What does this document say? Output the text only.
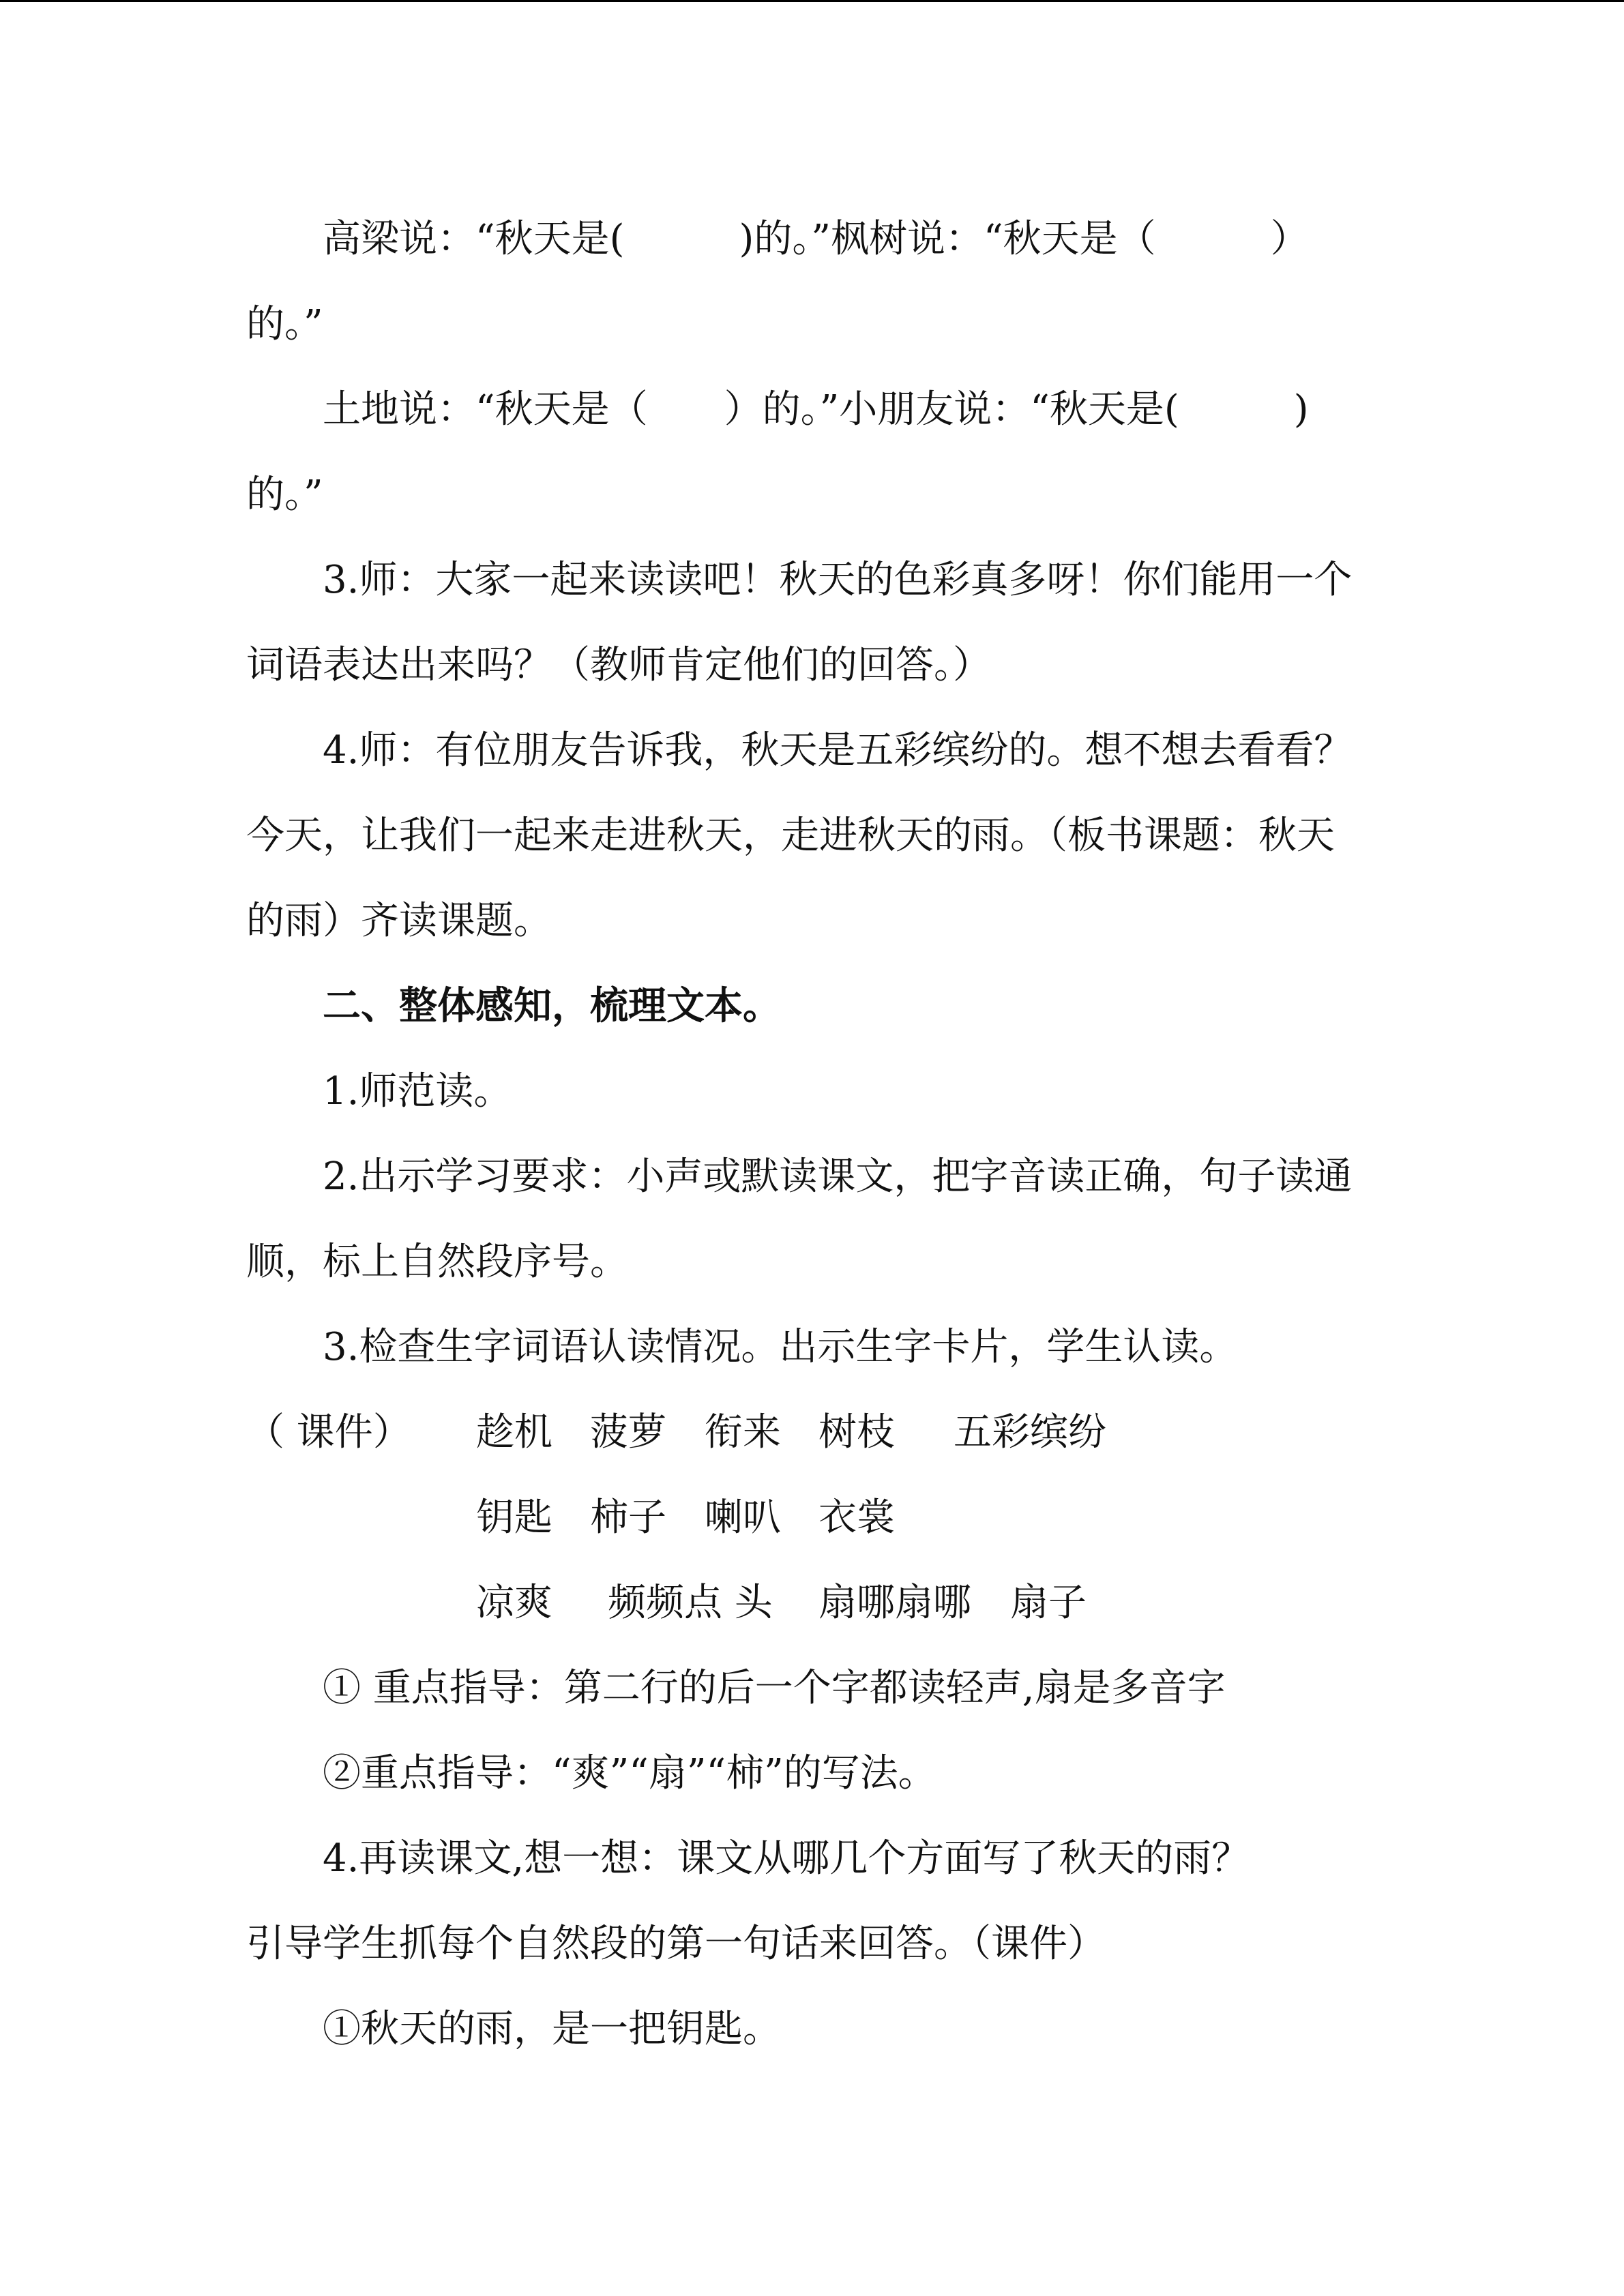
高梁说：“秋天是(　　　)的。”枫树说：“秋天是（　　　）
的。”
土地说：“秋天是（　　）的。”小朋友说：“秋天是(　　　)
的。”
3.师：大家一起来读读吧！秋天的色彩真多呀！你们能用一个
词语表达出来吗？（教师肯定他们的回答。）
4.师：有位朋友告诉我，秋天是五彩缤纷的。想不想去看看？
今天，让我们一起来走进秋天，走进秋天的雨。（板书课题：秋天
的雨）齐读课题。
二、整体感知，梳理文本。
1.师范读。
2.出示学习要求：小声或默读课文，把字音读正确，句子读通
顺，标上自然段序号。
3.检查生字词语认读情况。出示生字卡片，学生认读。
（ 课件） 趁机 菠萝 衔来 树枝 五彩缤纷
钥匙 柿子 喇叭 衣裳
凉爽 频频点 头 扇哪扇哪 扇子
① 重点指导：第二行的后一个字都读轻声,扇是多音字
②重点指导：“爽”“扇”“柿”的写法。
4.再读课文,想一想：课文从哪几个方面写了秋天的雨？
引导学生抓每个自然段的第一句话来回答。（课件）
①秋天的雨，是一把钥匙。
